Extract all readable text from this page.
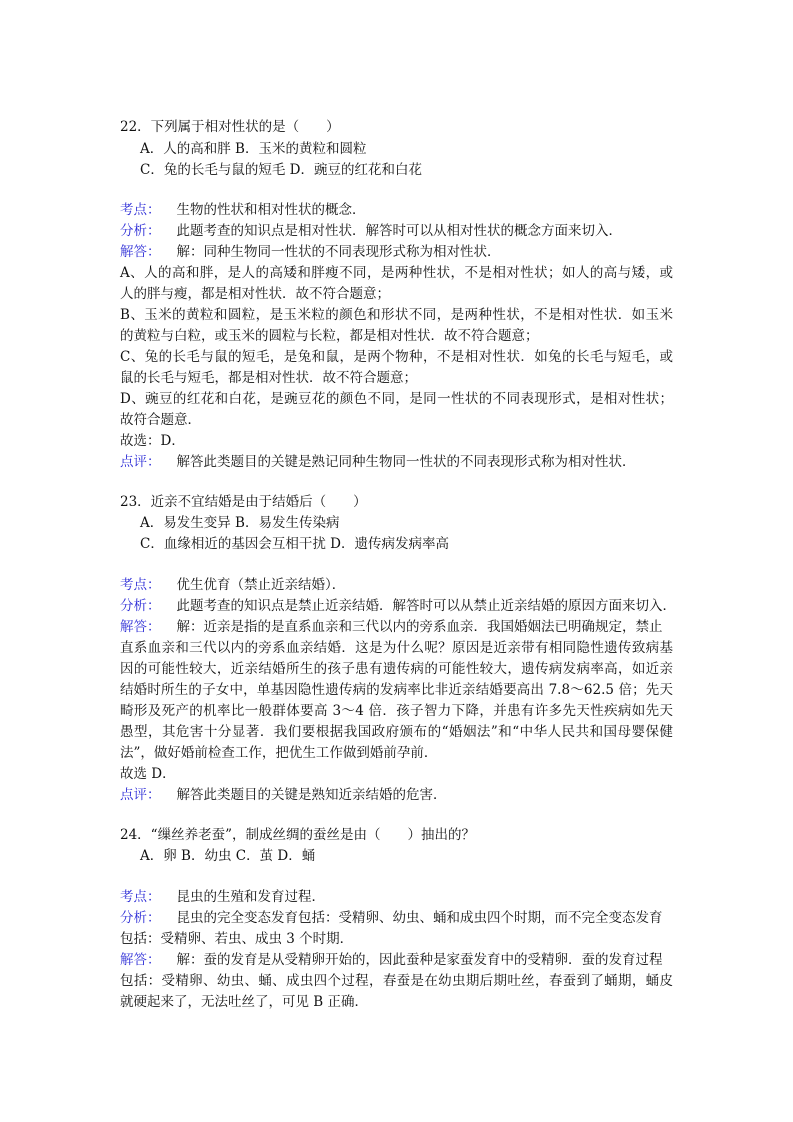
22．下列属于相对性状的是（　　）
A．人的高和胖 B．玉米的黄粒和圆粒
C．兔的长毛与鼠的短毛 D．豌豆的红花和白花
考点： 生物的性状和相对性状的概念．
分析： 此题考查的知识点是相对性状．解答时可以从相对性状的概念方面来切入．
解答： 解：同种生物同一性状的不同表现形式称为相对性状．
A、人的高和胖，是人的高矮和胖瘦不同，是两种性状，不是相对性状；如人的高与矮，或
人的胖与瘦，都是相对性状．故不符合题意；
B、玉米的黄粒和圆粒，是玉米粒的颜色和形状不同，是两种性状，不是相对性状．如玉米
的黄粒与白粒，或玉米的圆粒与长粒，都是相对性状．故不符合题意；
C、兔的长毛与鼠的短毛，是兔和鼠，是两个物种，不是相对性状．如兔的长毛与短毛，或
鼠的长毛与短毛，都是相对性状．故不符合题意；
D、豌豆的红花和白花，是豌豆花的颜色不同，是同一性状的不同表现形式，是相对性状；
故符合题意．
故选：D．
点评： 解答此类题目的关键是熟记同种生物同一性状的不同表现形式称为相对性状．
23．近亲不宜结婚是由于结婚后（　　）
A．易发生变异 B．易发生传染病
C．血缘相近的基因会互相干扰 D．遗传病发病率高
考点： 优生优育（禁止近亲结婚）．
分析： 此题考查的知识点是禁止近亲结婚．解答时可以从禁止近亲结婚的原因方面来切入．
解答： 解：近亲是指的是直系血亲和三代以内的旁系血亲．我国婚姻法已明确规定，禁止
直系血亲和三代以内的旁系血亲结婚．这是为什么呢？原因是近亲带有相同隐性遗传致病基
因的可能性较大，近亲结婚所生的孩子患有遗传病的可能性较大，遗传病发病率高，如近亲
结婚时所生的子女中，单基因隐性遗传病的发病率比非近亲结婚要高出 7.8～62.5 倍；先天
畸形及死产的机率比一般群体要高 3～4 倍．孩子智力下降，并患有许多先天性疾病如先天
愚型，其危害十分显著．我们要根据我国政府颁布的“婚姻法”和“中华人民共和国母婴保健
法”，做好婚前检查工作，把优生工作做到婚前孕前．
故选 D．
点评： 解答此类题目的关键是熟知近亲结婚的危害．
24．“缫丝养老蚕”，制成丝绸的蚕丝是由（　　）抽出的？
A．卵 B．幼虫 C．茧 D．蛹
考点： 昆虫的生殖和发育过程．
分析： 昆虫的完全变态发育包括：受精卵、幼虫、蛹和成虫四个时期，而不完全变态发育
包括：受精卵、若虫、成虫 3 个时期．
解答： 解：蚕的发育是从受精卵开始的，因此蚕种是家蚕发育中的受精卵．蚕的发育过程
包括：受精卵、幼虫、蛹、成虫四个过程，春蚕是在幼虫期后期吐丝，春蚕到了蛹期，蛹皮
就硬起来了，无法吐丝了，可见 B 正确．
